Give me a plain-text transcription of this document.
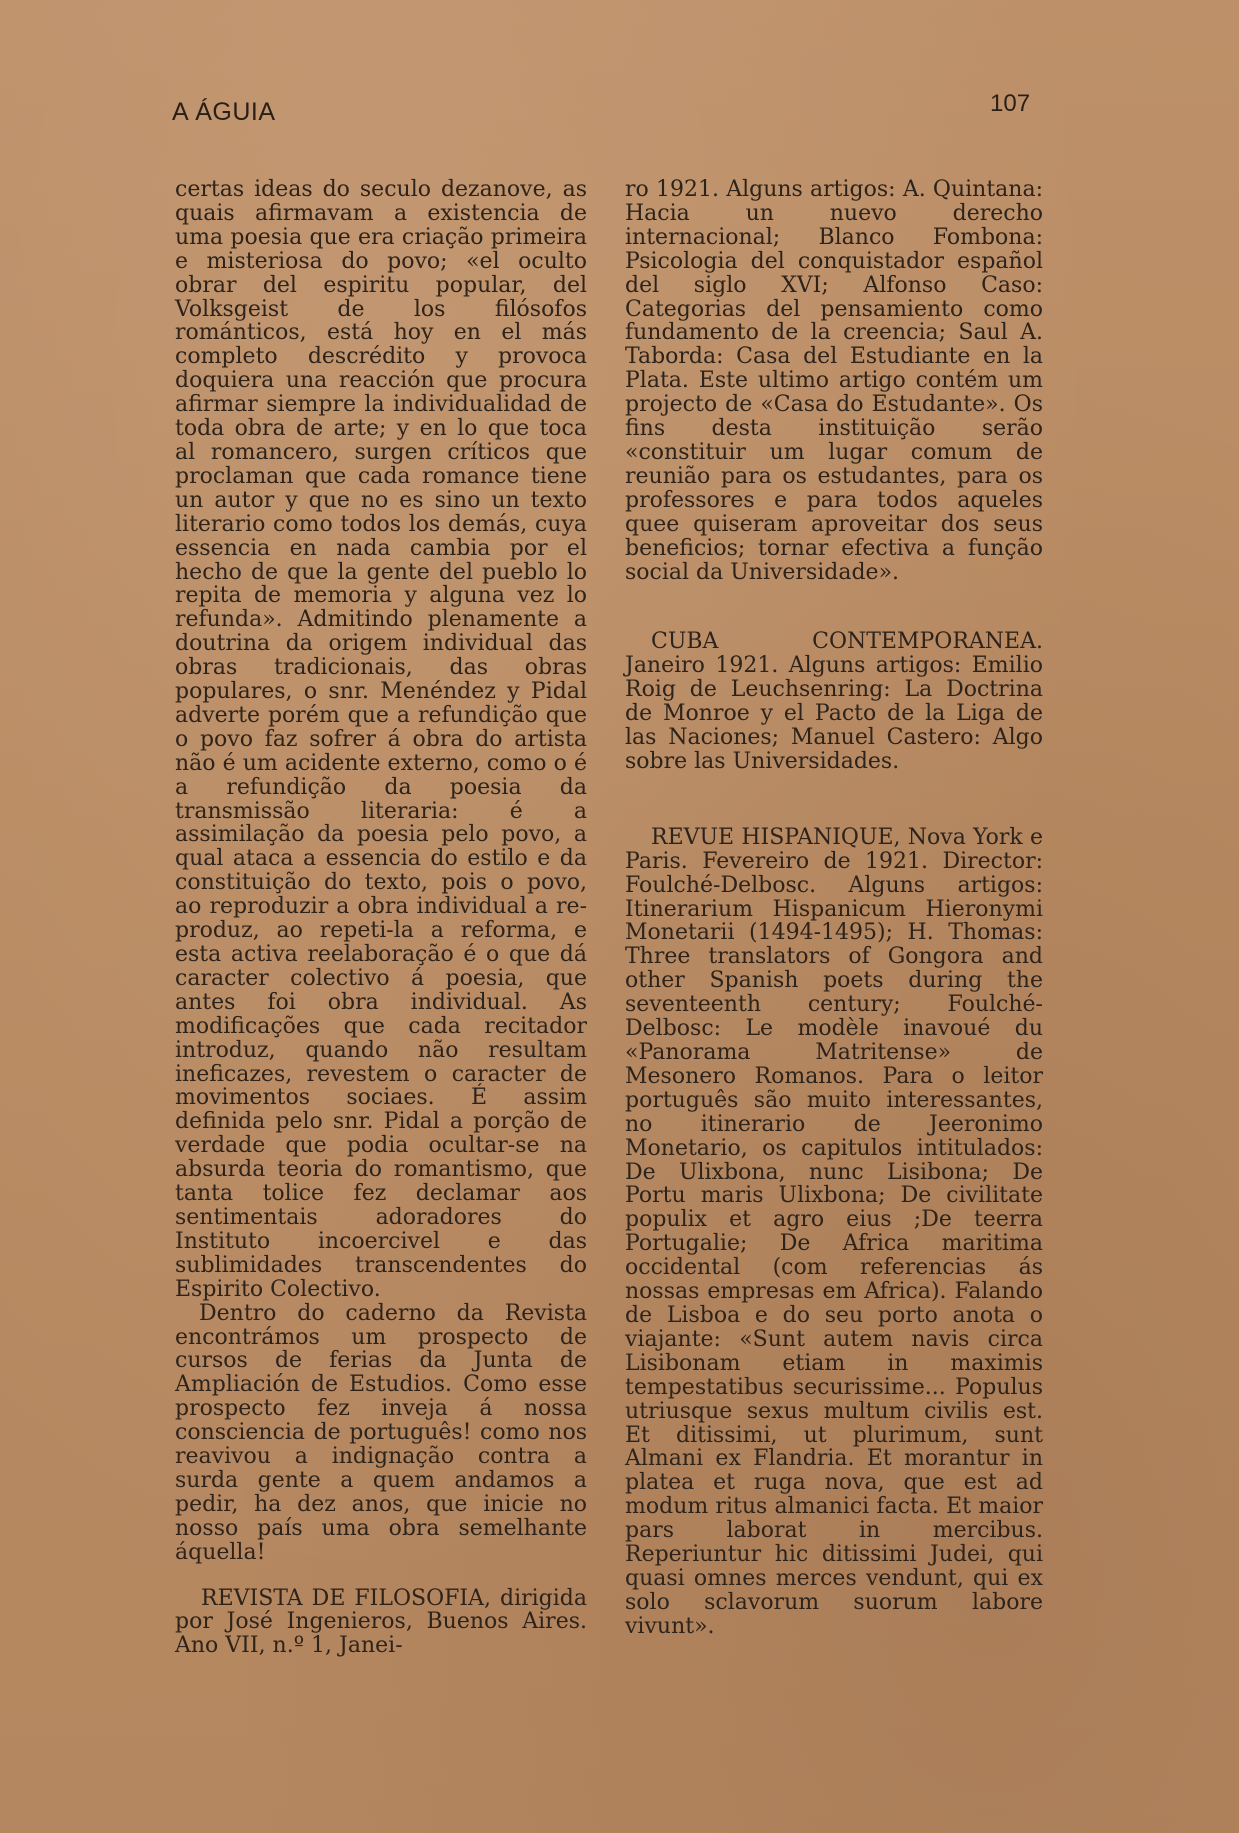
A ÁGUIA	107

certas ideas do seculo dezanove, as quais afirmavam a existencia de uma poesia que era criação primeira e misteriosa do povo; «el oculto obrar del espiritu popular, del Volksgeist de los filósofos románticos, está hoy en el más completo descrédito y provoca doquiera una reacción que procura afirmar siempre la individualidad de toda obra de arte; y en lo que toca al romancero, surgen críticos que proclaman que cada romance tiene un autor y que no es sino un texto literario como todos los demás, cuya essencia en nada cambia por el hecho de que la gente del pueblo lo repita de memoria y alguna vez lo refunda». Admitindo plenamente a doutrina da origem individual das obras tradicionais, das obras populares, o snr. Menéndez y Pidal adverte porém que a refundição que o povo faz sofrer á obra do artista não é um acidente externo, como o é a refundição da poesia da transmissão literaria: é a assimilação da poesia pelo povo, a qual ataca a essencia do estilo e da constituição do texto, pois o povo, ao reproduzir a obra individual a re-produz, ao repeti-la a reforma, e esta activa reelaboração é o que dá caracter colectivo á poesia, que antes foi obra individual. As modificações que cada recitador introduz, quando não resultam ineficazes, revestem o caracter de movimentos sociaes. É assim definida pelo snr. Pidal a porção de verdade que podia ocultar-se na absurda teoria do romantismo, que tanta tolice fez declamar aos sentimentais adoradores do Instituto incoercivel e das sublimidades transcendentes do Espirito Colectivo.

Dentro do caderno da Revista encontrámos um prospecto de cursos de ferias da Junta de Ampliación de Estudios. Como esse prospecto fez inveja á nossa consciencia de português! como nos reavivou a indignação contra a surda gente a quem andamos a pedir, ha dez anos, que inicie no nosso país uma obra semelhante áquella!

REVISTA DE FILOSOFIA, dirigida por José Ingenieros, Buenos Aires. Ano VII, n.º 1, Janei-

ro 1921. Alguns artigos: A. Quintana: Hacia un nuevo derecho internacional; Blanco Fombona: Psicologia del conquistador español del siglo XVI; Alfonso Caso: Categorias del pensamiento como fundamento de la creencia; Saul A. Taborda: Casa del Estudiante en la Plata. Este ultimo artigo contém um projecto de «Casa do Estudante». Os fins desta instituição serão «constituir um lugar comum de reunião para os estudantes, para os professores e para todos aqueles quee quiseram aproveitar dos seus beneficios; tornar efectiva a função social da Universidade».

CUBA CONTEMPORANEA. Janeiro 1921. Alguns artigos: Emilio Roig de Leuchsenring: La Doctrina de Monroe y el Pacto de la Liga de las Naciones; Manuel Castero: Algo sobre las Universidades.

REVUE HISPANIQUE, Nova York e Paris. Fevereiro de 1921. Director: Foulché-Delbosc. Alguns artigos: Itinerarium Hispanicum Hieronymi Monetarii (1494-1495); H. Thomas: Three translators of Gongora and other Spanish poets during the seventeenth century; Foulché-Delbosc: Le modèle inavoué du «Panorama Matritense» de Mesonero Romanos. Para o leitor português são muito interessantes, no itinerario de Jeeronimo Monetario, os capitulos intitulados: De Ulixbona, nunc Lisibona; De Portu maris Ulixbona; De civilitate populix et agro eius ;De teerra Portugalie; De Africa maritima occidental (com referencias ás nossas empresas em Africa). Falando de Lisboa e do seu porto anota o viajante: «Sunt autem navis circa Lisibonam etiam in maximis tempestatibus securissime... Populus utriusque sexus multum civilis est. Et ditissimi, ut plurimum, sunt Almani ex Flandria. Et morantur in platea et ruga nova, que est ad modum ritus almanici facta. Et maior pars laborat in mercibus. Reperiuntur hic ditissimi Judei, qui quasi omnes merces vendunt, qui ex solo sclavorum suorum labore vivunt».
